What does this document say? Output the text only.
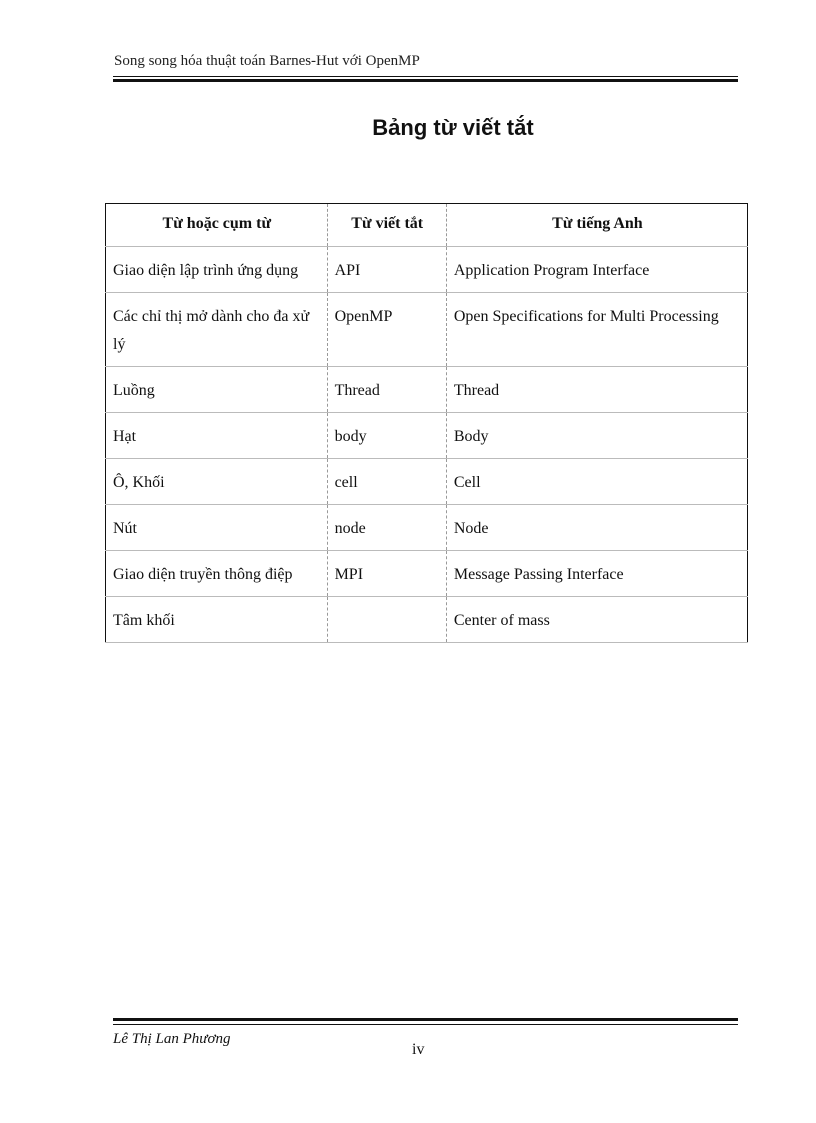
Song song hóa thuật toán Barnes-Hut với OpenMP
Bảng từ viết tắt
Từ hoặc cụm từ	Từ viết tắt	Từ tiếng Anh
Giao diện lập trình ứng dụng	API	Application Program Interface
Các chỉ thị mở dành cho đa xử lý	OpenMP	Open Specifications for Multi Processing
Luồng	Thread	Thread
Hạt	body	Body
Ô, Khối	cell	Cell
Nút	node	Node
Giao diện truyền thông điệp	MPI	Message Passing Interface
Tâm khối		Center of mass
Lê Thị Lan Phương
iv
